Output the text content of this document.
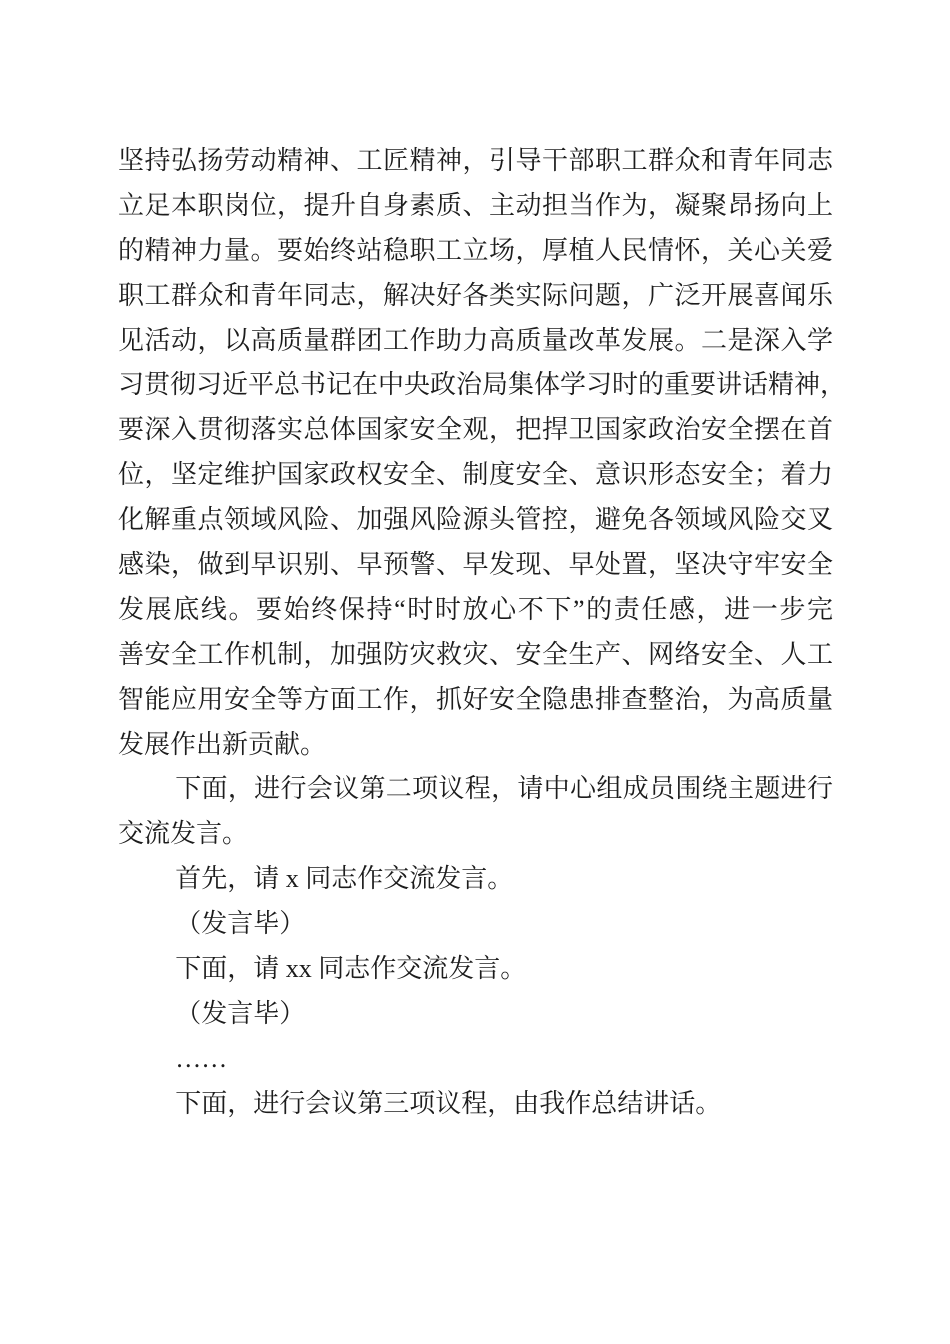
坚持弘扬劳动精神、工匠精神，引导干部职工群众和青年同志
立足本职岗位，提升自身素质、主动担当作为，凝聚昂扬向上
的精神力量。要始终站稳职工立场，厚植人民情怀，关心关爱
职工群众和青年同志，解决好各类实际问题，广泛开展喜闻乐
见活动，以高质量群团工作助力高质量改革发展。二是深入学
习贯彻习近平总书记在中央政治局集体学习时的重要讲话精神，
要深入贯彻落实总体国家安全观，把捍卫国家政治安全摆在首
位，坚定维护国家政权安全、制度安全、意识形态安全；着力
化解重点领域风险、加强风险源头管控，避免各领域风险交叉
感染，做到早识别、早预警、早发现、早处置，坚决守牢安全
发展底线。要始终保持“时时放心不下”的责任感，进一步完
善安全工作机制，加强防灾救灾、安全生产、网络安全、人工
智能应用安全等方面工作，抓好安全隐患排查整治，为高质量
发展作出新贡献。
下面，进行会议第二项议程，请中心组成员围绕主题进行
交流发言。
首先，请 x 同志作交流发言。
（发言毕）
下面，请 xx 同志作交流发言。
（发言毕）
……
下面，进行会议第三项议程，由我作总结讲话。
